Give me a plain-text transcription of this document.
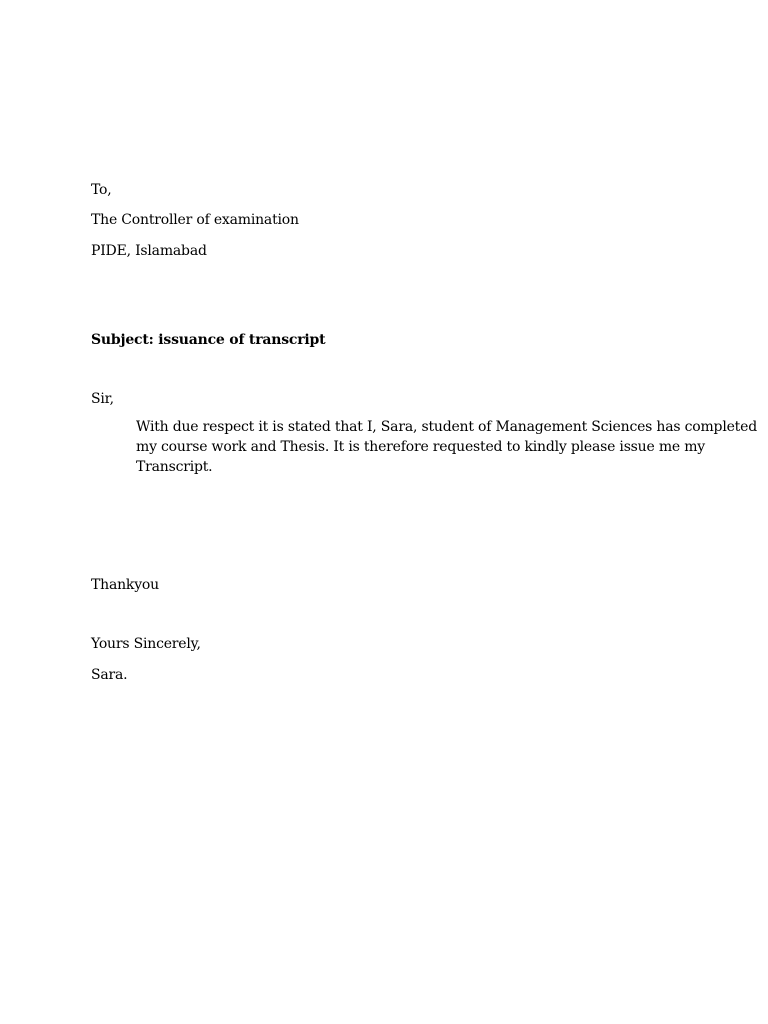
To,
The Controller of examination
PIDE, Islamabad
Subject: issuance of transcript
Sir,
With due respect it is stated that I, Sara, student of Management Sciences has completed
my course work and Thesis. It is therefore requested to kindly please issue me my
Transcript.
Thankyou
Yours Sincerely,
Sara.
